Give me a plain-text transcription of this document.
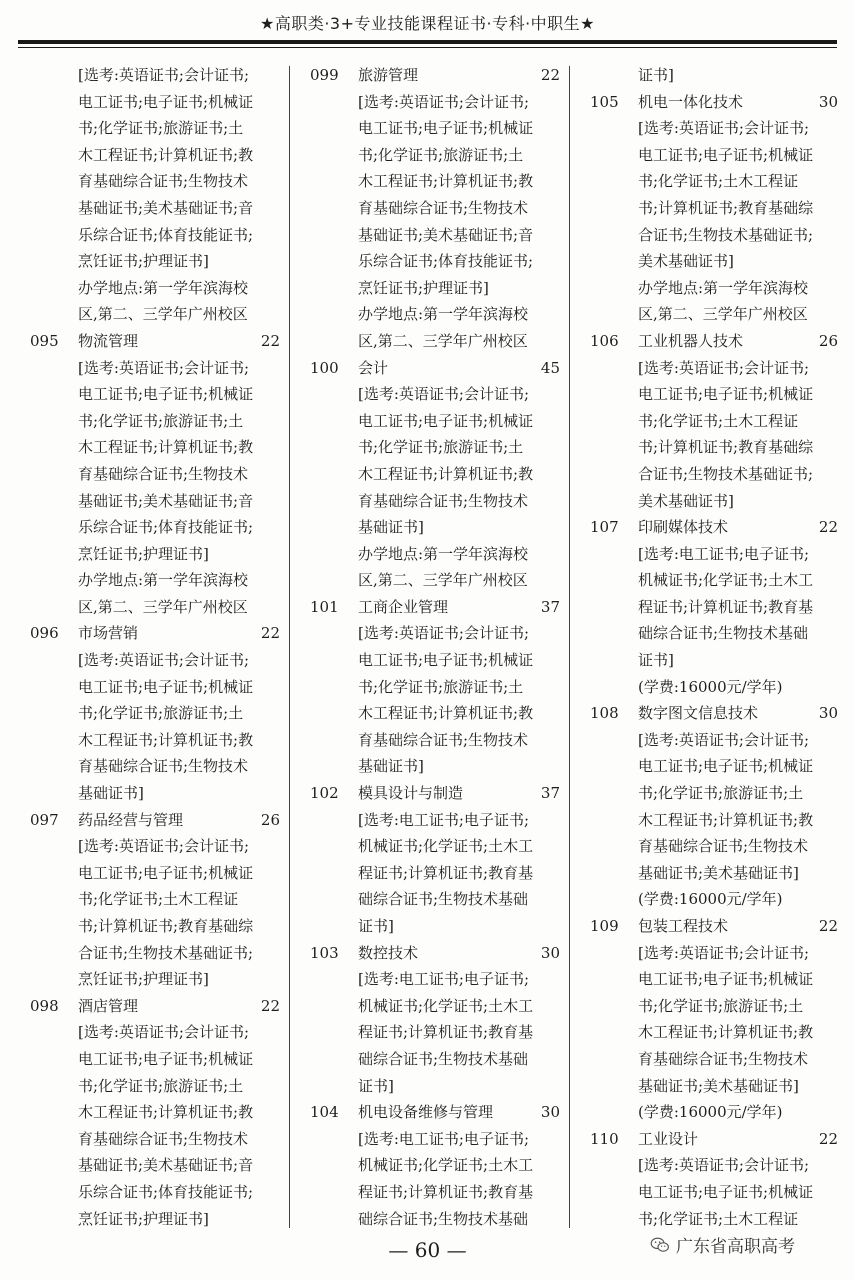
★高职类·3+专业技能课程证书·专科·中职生★
[选考:英语证书;会计证书;
电工证书;电子证书;机械证
书;化学证书;旅游证书;土
木工程证书;计算机证书;教
育基础综合证书;生物技术
基础证书;美术基础证书;音
乐综合证书;体育技能证书;
烹饪证书;护理证书]
办学地点:第一学年滨海校
区,第二、三学年广州校区
095	物流管理	22
[选考:英语证书;会计证书;
电工证书;电子证书;机械证
书;化学证书;旅游证书;土
木工程证书;计算机证书;教
育基础综合证书;生物技术
基础证书;美术基础证书;音
乐综合证书;体育技能证书;
烹饪证书;护理证书]
办学地点:第一学年滨海校
区,第二、三学年广州校区
096	市场营销	22
[选考:英语证书;会计证书;
电工证书;电子证书;机械证
书;化学证书;旅游证书;土
木工程证书;计算机证书;教
育基础综合证书;生物技术
基础证书]
097	药品经营与管理	26
[选考:英语证书;会计证书;
电工证书;电子证书;机械证
书;化学证书;土木工程证
书;计算机证书;教育基础综
合证书;生物技术基础证书;
烹饪证书;护理证书]
098	酒店管理	22
[选考:英语证书;会计证书;
电工证书;电子证书;机械证
书;化学证书;旅游证书;土
木工程证书;计算机证书;教
育基础综合证书;生物技术
基础证书;美术基础证书;音
乐综合证书;体育技能证书;
烹饪证书;护理证书]
099	旅游管理	22
[选考:英语证书;会计证书;
电工证书;电子证书;机械证
书;化学证书;旅游证书;土
木工程证书;计算机证书;教
育基础综合证书;生物技术
基础证书;美术基础证书;音
乐综合证书;体育技能证书;
烹饪证书;护理证书]
办学地点:第一学年滨海校
区,第二、三学年广州校区
100	会计	45
[选考:英语证书;会计证书;
电工证书;电子证书;机械证
书;化学证书;旅游证书;土
木工程证书;计算机证书;教
育基础综合证书;生物技术
基础证书]
办学地点:第一学年滨海校
区,第二、三学年广州校区
101	工商企业管理	37
[选考:英语证书;会计证书;
电工证书;电子证书;机械证
书;化学证书;旅游证书;土
木工程证书;计算机证书;教
育基础综合证书;生物技术
基础证书]
102	模具设计与制造	37
[选考:电工证书;电子证书;
机械证书;化学证书;土木工
程证书;计算机证书;教育基
础综合证书;生物技术基础
证书]
103	数控技术	30
[选考:电工证书;电子证书;
机械证书;化学证书;土木工
程证书;计算机证书;教育基
础综合证书;生物技术基础
证书]
104	机电设备维修与管理	30
[选考:电工证书;电子证书;
机械证书;化学证书;土木工
程证书;计算机证书;教育基
础综合证书;生物技术基础
证书]
105	机电一体化技术	30
[选考:英语证书;会计证书;
电工证书;电子证书;机械证
书;化学证书;土木工程证
书;计算机证书;教育基础综
合证书;生物技术基础证书;
美术基础证书]
办学地点:第一学年滨海校
区,第二、三学年广州校区
106	工业机器人技术	26
[选考:英语证书;会计证书;
电工证书;电子证书;机械证
书;化学证书;土木工程证
书;计算机证书;教育基础综
合证书;生物技术基础证书;
美术基础证书]
107	印刷媒体技术	22
[选考:电工证书;电子证书;
机械证书;化学证书;土木工
程证书;计算机证书;教育基
础综合证书;生物技术基础
证书]
(学费:16000元/学年)
108	数字图文信息技术	30
[选考:英语证书;会计证书;
电工证书;电子证书;机械证
书;化学证书;旅游证书;土
木工程证书;计算机证书;教
育基础综合证书;生物技术
基础证书;美术基础证书]
(学费:16000元/学年)
109	包装工程技术	22
[选考:英语证书;会计证书;
电工证书;电子证书;机械证
书;化学证书;旅游证书;土
木工程证书;计算机证书;教
育基础综合证书;生物技术
基础证书;美术基础证书]
(学费:16000元/学年)
110	工业设计	22
[选考:英语证书;会计证书;
电工证书;电子证书;机械证
书;化学证书;土木工程证
— 60 —	广东省高职高考
